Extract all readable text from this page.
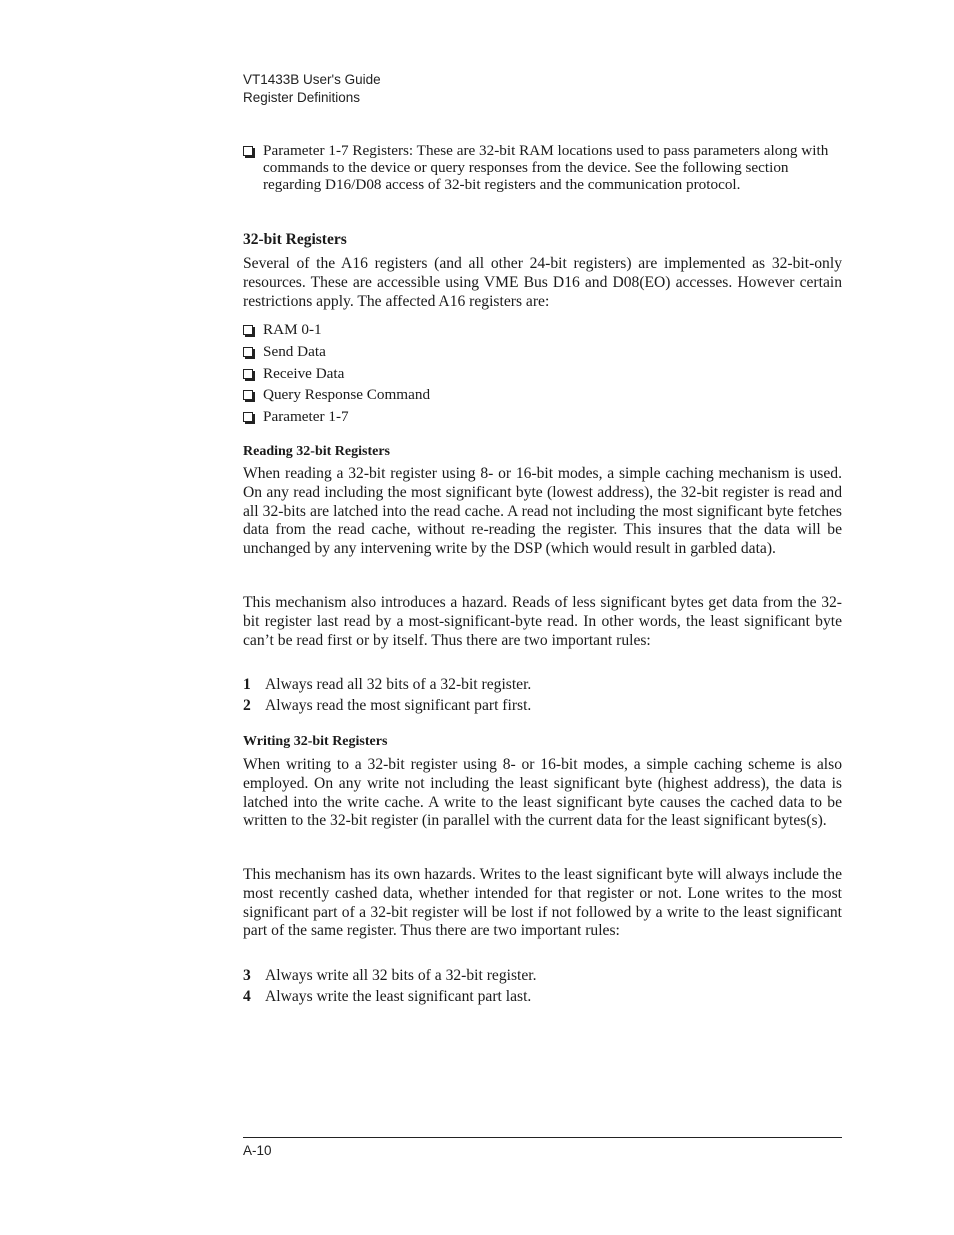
VT1433B User's Guide
Register Definitions
Parameter 1-7 Registers: These are 32-bit RAM locations used to pass parameters along with commands to the device or query responses from the device. See the following section regarding D16/D08 access of 32-bit registers and the communication protocol.
32-bit Registers

Several of the A16 registers (and all other 24-bit registers) are implemented as 32-bit-only resources. These are accessible using VME Bus D16 and D08(EO) accesses. However certain restrictions apply. The affected A16 registers are:

RAM 0-1
Send Data
Receive Data
Query Response Command
Parameter 1-7
Reading 32-bit Registers

When reading a 32-bit register using 8- or 16-bit modes, a simple caching mechanism is used. On any read including the most significant byte (lowest address), the 32-bit register is read and all 32-bits are latched into the read cache. A read not including the most significant byte fetches data from the read cache, without re-reading the register. This insures that the data will be unchanged by any intervening write by the DSP (which would result in garbled data).

This mechanism also introduces a hazard. Reads of less significant bytes get data from the 32-bit register last read by a most-significant-byte read. In other words, the least significant byte can’t be read first or by itself. Thus there are two important rules:

1 Always read all 32 bits of a 32-bit register.
2 Always read the most significant part first.
Writing 32-bit Registers

When writing to a 32-bit register using 8- or 16-bit modes, a simple caching scheme is also employed. On any write not including the least significant byte (highest address), the data is latched into the write cache. A write to the least significant byte causes the cached data to be written to the 32-bit register (in parallel with the current data for the least significant bytes(s).

This mechanism has its own hazards. Writes to the least significant byte will always include the most recently cashed data, whether intended for that register or not. Lone writes to the most significant part of a 32-bit register will be lost if not followed by a write to the least significant part of the same register. Thus there are two important rules:

3 Always write all 32 bits of a 32-bit register.
4 Always write the least significant part last.
A-10
